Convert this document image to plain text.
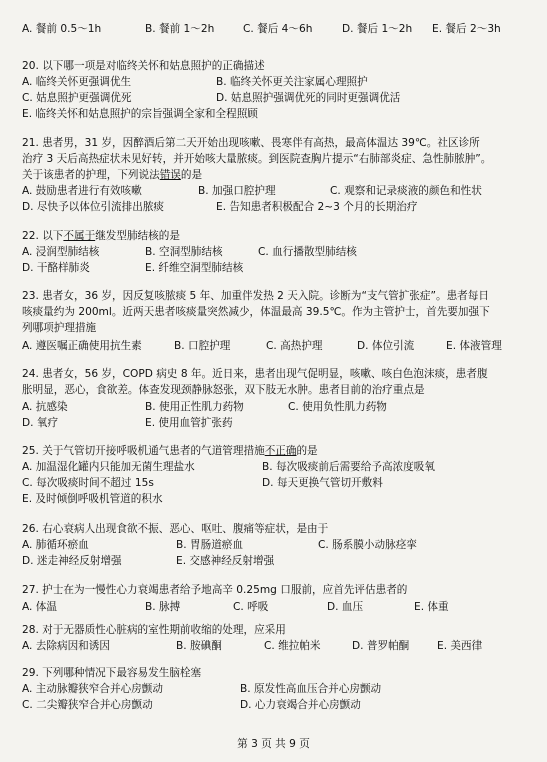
A. 餐前 0.5～1h	B. 餐前 1～2h	C. 餐后 4～6h	D. 餐后 1～2h E. 餐后 2～3h
20. 以下哪一项是对临终关怀和姑息照护的正确描述
A. 临终关怀更强调优生	B. 临终关怀更关注家属心理照护
C. 姑息照护更强调优死	D. 姑息照护强调优死的同时更强调优活
E. 临终关怀和姑息照护的宗旨强调全家和全程照顾
21. 患者男，31 岁，因醉酒后第二天开始出现咳嗽、畏寒伴有高热，最高体温达 39℃。社区诊所
治疗 3 天后高热症状未见好转，并开始咳大量脓痰。到医院查胸片提示“右肺部炎症、急性肺脓肿”。
关于该患者的护理，下列说法错误的是
A. 鼓励患者进行有效咳嗽	B. 加强口腔护理	C. 观察和记录痰液的颜色和性状
D. 尽快予以体位引流排出脓痰	E. 告知患者积极配合 2~3 个月的长期治疗
22. 以下不属于继发型肺结核的是
A. 浸润型肺结核	B. 空洞型肺结核	C. 血行播散型肺结核
D. 干酪样肺炎	E. 纤维空洞型肺结核
23. 患者女，36 岁，因反复咳脓痰 5 年、加重伴发热 2 天入院。诊断为“支气管扩张症”。患者每日
咳痰量约为 200ml。近两天患者咳痰量突然减少，体温最高 39.5℃。作为主管护士，首先要加强下
列哪项护理措施
A. 遵医嘱正确使用抗生素	B. 口腔护理	C. 高热护理	D. 体位引流	E. 体液管理
24. 患者女，56 岁，COPD 病史 8 年。近日来，患者出现气促明显，咳嗽、咳白色泡沫痰，患者腹
胀明显，恶心，食欲差。体查发现颈静脉怒张，双下肢无水肿。患者目前的治疗重点是
A. 抗感染	B. 使用正性肌力药物	C. 使用负性肌力药物
D. 氧疗	E. 使用血管扩张药
25. 关于气管切开接呼吸机通气患者的气道管理措施不正确的是
A. 加温湿化罐内只能加无菌生理盐水	B. 每次吸痰前后需要给予高浓度吸氧
C. 每次吸痰时间不超过 15s	D. 每天更换气管切开敷料
E. 及时倾倒呼吸机管道的积水
26. 右心衰病人出现食欲不振、恶心、呕吐、腹痛等症状，是由于
A. 肺循环瘀血	B. 胃肠道瘀血	C. 肠系膜小动脉痉挛
D. 迷走神经反射增强	E. 交感神经反射增强
27. 护士在为一慢性心力衰竭患者给予地高辛 0.25mg 口服前，应首先评估患者的
A. 体温	B. 脉搏	C. 呼吸	D. 血压	E. 体重
28. 对于无器质性心脏病的室性期前收缩的处理，应采用
A. 去除病因和诱因	B. 胺碘酮	C. 维拉帕米	D. 普罗帕酮	E. 美西律
29. 下列哪种情况下最容易发生脑栓塞
A. 主动脉瓣狭窄合并心房颤动	B. 原发性高血压合并心房颤动
C. 二尖瓣狭窄合并心房颤动	D. 心力衰竭合并心房颤动
第 3 页 共 9 页
